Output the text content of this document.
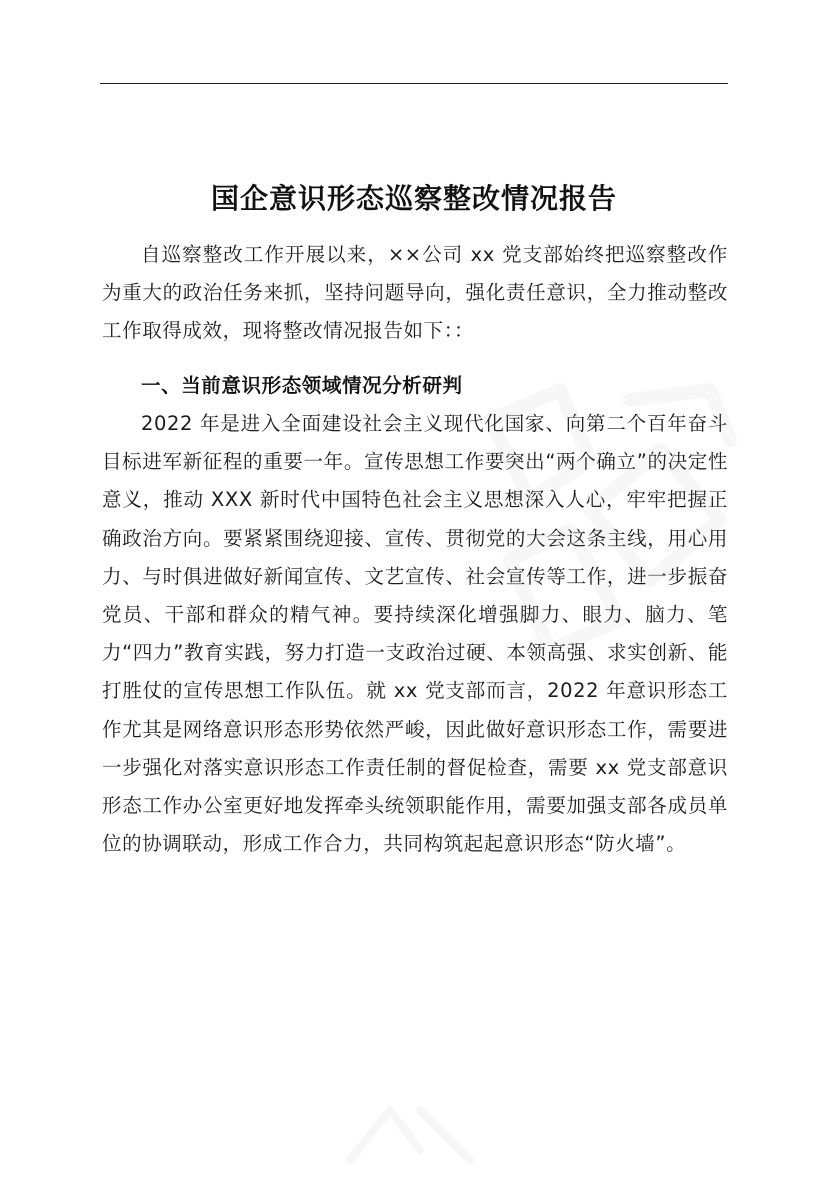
国企意识形态巡察整改情况报告

自巡察整改工作开展以来，××公司 xx 党支部始终把巡察整改作为重大的政治任务来抓，坚持问题导向，强化责任意识，全力推动整改工作取得成效，现将整改情况报告如下：：

一、当前意识形态领域情况分析研判

2022 年是进入全面建设社会主义现代化国家、向第二个百年奋斗目标进军新征程的重要一年。宣传思想工作要突出“两个确立”的决定性意义，推动 XXX 新时代中国特色社会主义思想深入人心，牢牢把握正确政治方向。要紧紧围绕迎接、宣传、贯彻党的大会这条主线，用心用力、与时俱进做好新闻宣传、文艺宣传、社会宣传等工作，进一步振奋党员、干部和群众的精气神。要持续深化增强脚力、眼力、脑力、笔力“四力”教育实践，努力打造一支政治过硬、本领高强、求实创新、能打胜仗的宣传思想工作队伍。就 xx 党支部而言，2022 年意识形态工作尤其是网络意识形态形势依然严峻，因此做好意识形态工作，需要进一步强化对落实意识形态工作责任制的督促检查，需要 xx 党支部意识形态工作办公室更好地发挥牵头统领职能作用，需要加强支部各成员单位的协调联动，形成工作合力，共同构筑起起意识形态“防火墙”。
